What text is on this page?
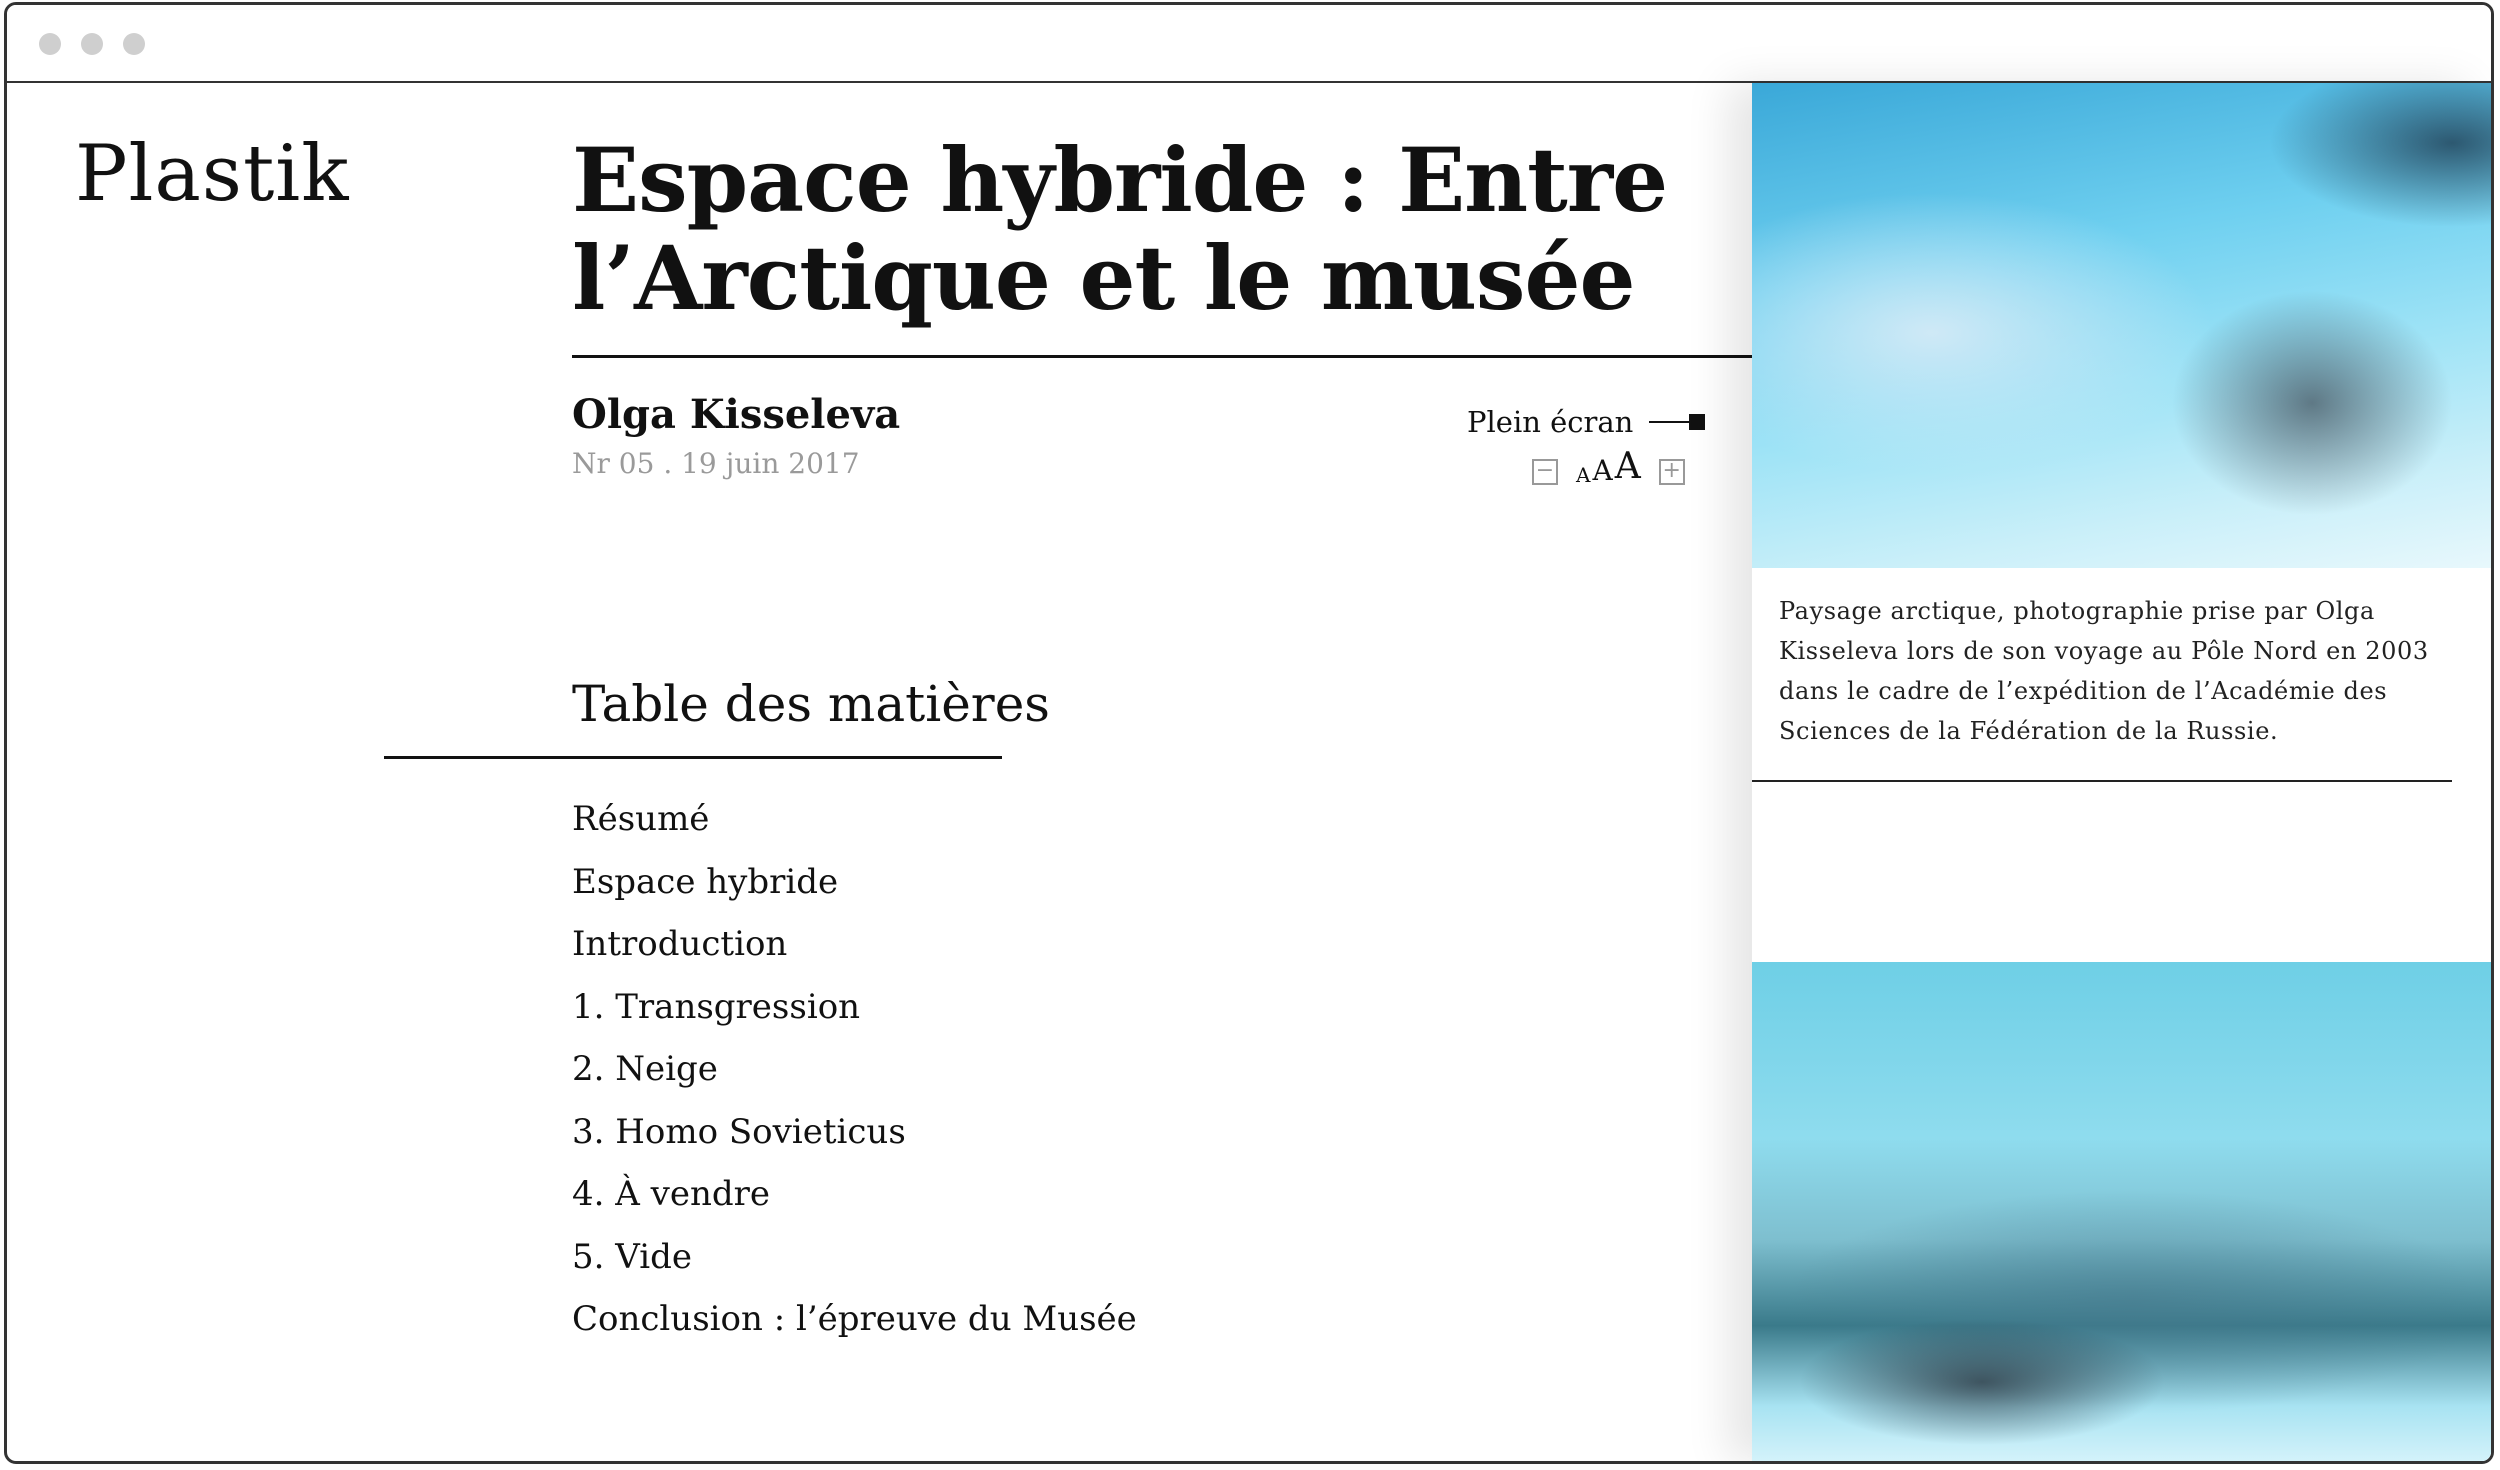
Plastik	Espace hybride : Entre l’Arctique et le musée
Olga Kisseleva
Nr 05 . 19 juin 2017
Plein écran
− A A A +
Table des matières
Résumé
Espace hybride
Introduction
1. Transgression
2. Neige
3. Homo Sovieticus
4. À vendre
5. Vide
Conclusion : l’épreuve du Musée

Paysage arctique, photographie prise par Olga Kisseleva lors de son voyage au Pôle Nord en 2003 dans le cadre de l’expédition de l’Académie des Sciences de la Fédération de la Russie.
